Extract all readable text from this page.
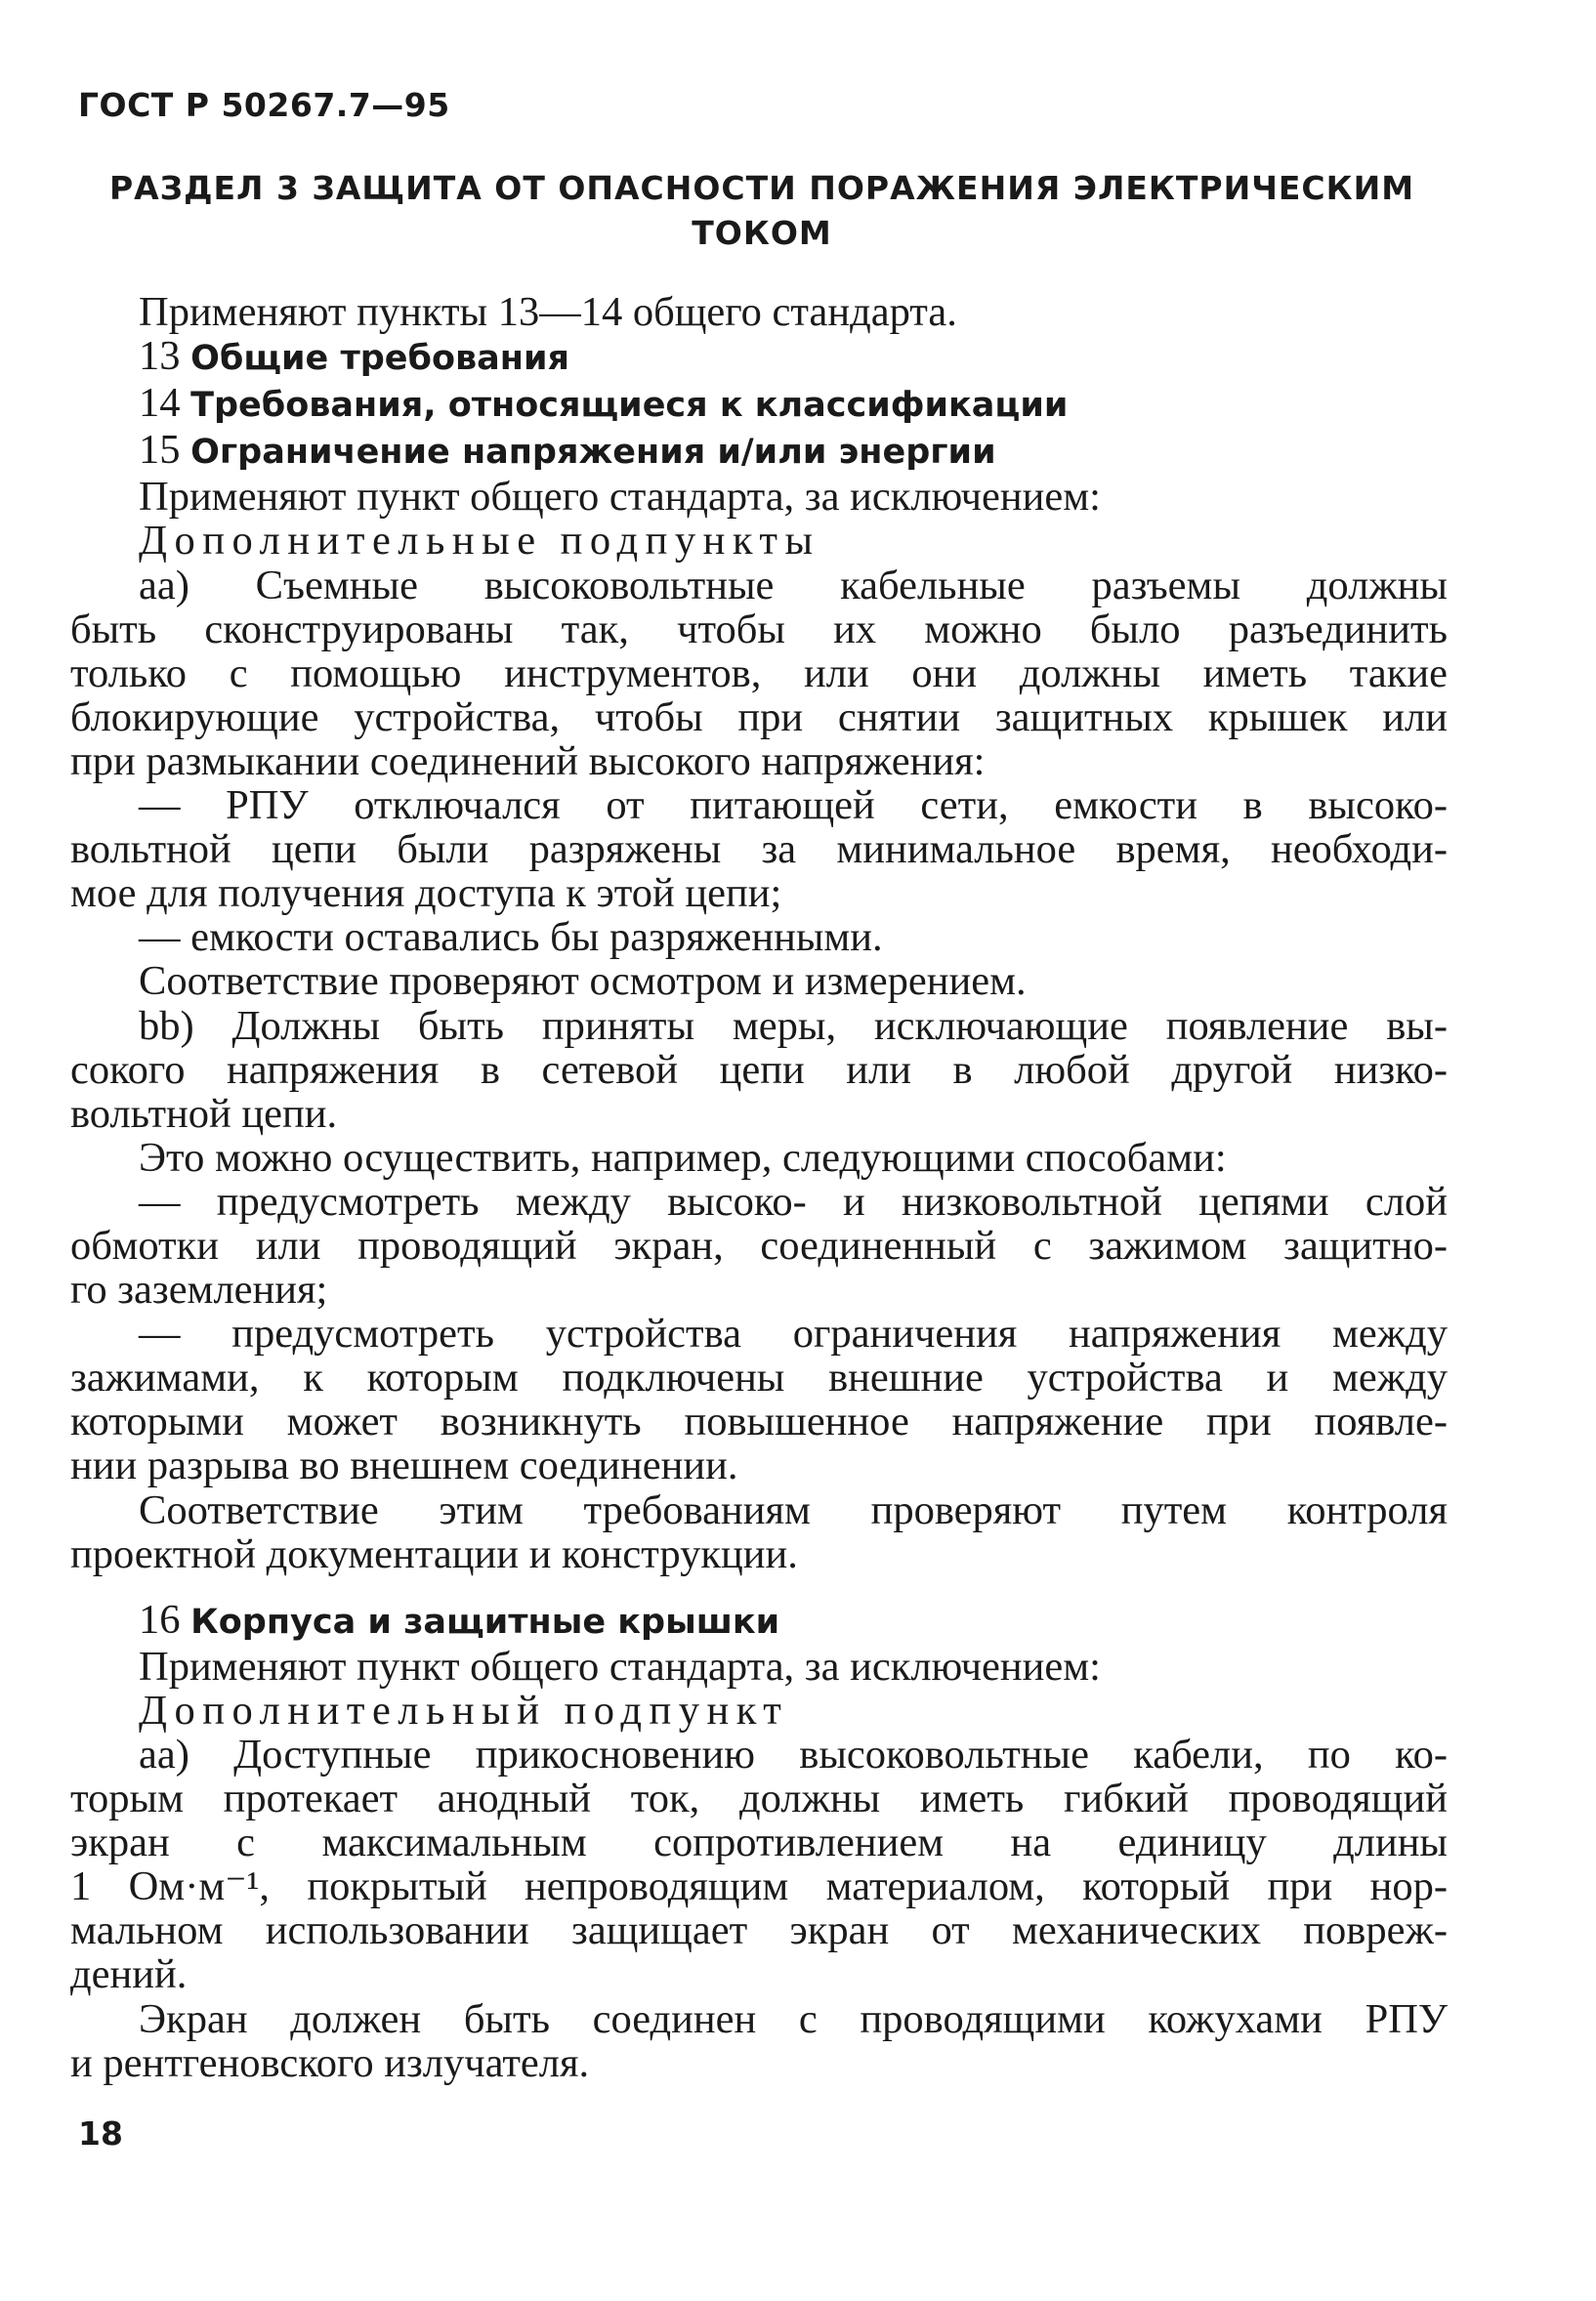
ГОСТ Р 50267.7—95
РАЗДЕЛ 3 ЗАЩИТА ОТ ОПАСНОСТИ ПОРАЖЕНИЯ ЭЛЕКТРИЧЕСКИМ
ТОКОМ

Применяют пункты 13—14 общего стандарта.

13 Общие требования

14 Требования, относящиеся к классификации

15 Ограничение напряжения и/или энергии

Применяют пункт общего стандарта, за исключением:

Дополнительные подпункты

aa) Съемные высоковольтные кабельные разъемы должны

быть сконструированы так, чтобы их можно было разъединить

только с помощью инструментов, или они должны иметь такие

блокирующие устройства, чтобы при снятии защитных крышек или

при размыкании соединений высокого напряжения:

— РПУ отключался от питающей сети, емкости в высоко-

вольтной цепи были разряжены за минимальное время, необходи-

мое для получения доступа к этой цепи;

— емкости оставались бы разряженными.

Соответствие проверяют осмотром и измерением.

bb) Должны быть приняты меры, исключающие появление вы-

сокого напряжения в сетевой цепи или в любой другой низко-

вольтной цепи.

Это можно осуществить, например, следующими способами:

— предусмотреть между высоко- и низковольтной цепями слой

обмотки или проводящий экран, соединенный с зажимом защитно-

го заземления;

— предусмотреть устройства ограничения напряжения между

зажимами, к которым подключены внешние устройства и между

которыми может возникнуть повышенное напряжение при появле-

нии разрыва во внешнем соединении.

Соответствие этим требованиям проверяют путем контроля

проектной документации и конструкции.

16 Корпуса и защитные крышки

Применяют пункт общего стандарта, за исключением:

Дополнительный подпункт

aa) Доступные прикосновению высоковольтные кабели, по ко-

торым протекает анодный ток, должны иметь гибкий проводящий

экран с максимальным сопротивлением на единицу длины

1 Ом·м⁻¹, покрытый непроводящим материалом, который при нор-

мальном использовании защищает экран от механических повреж-

дений.

Экран должен быть соединен с проводящими кожухами РПУ

и рентгеновского излучателя.

18
